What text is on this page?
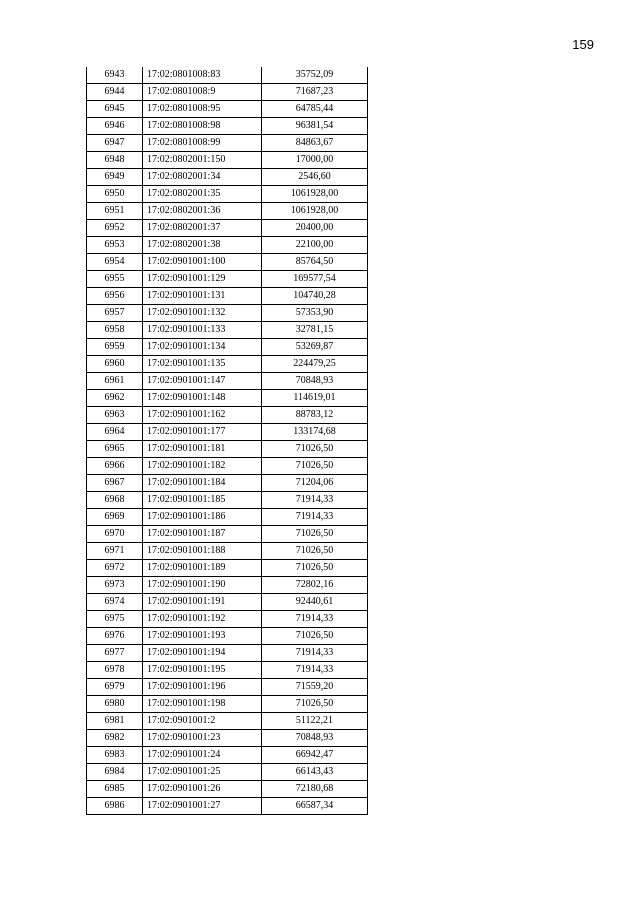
159
6943	17:02:0801008:83	35752,09
6944	17:02:0801008:9	71687,23
6945	17:02:0801008:95	64785,44
6946	17:02:0801008:98	96381,54
6947	17:02:0801008:99	84863,67
6948	17:02:0802001:150	17000,00
6949	17:02:0802001:34	2546,60
6950	17:02:0802001:35	1061928,00
6951	17:02:0802001:36	1061928,00
6952	17:02:0802001:37	20400,00
6953	17:02:0802001:38	22100,00
6954	17:02:0901001:100	85764,50
6955	17:02:0901001:129	169577,54
6956	17:02:0901001:131	104740,28
6957	17:02:0901001:132	57353,90
6958	17:02:0901001:133	32781,15
6959	17:02:0901001:134	53269,87
6960	17:02:0901001:135	224479,25
6961	17:02:0901001:147	70848,93
6962	17:02:0901001:148	114619,01
6963	17:02:0901001:162	88783,12
6964	17:02:0901001:177	133174,68
6965	17:02:0901001:181	71026,50
6966	17:02:0901001:182	71026,50
6967	17:02:0901001:184	71204,06
6968	17:02:0901001:185	71914,33
6969	17:02:0901001:186	71914,33
6970	17:02:0901001:187	71026,50
6971	17:02:0901001:188	71026,50
6972	17:02:0901001:189	71026,50
6973	17:02:0901001:190	72802,16
6974	17:02:0901001:191	92440,61
6975	17:02:0901001:192	71914,33
6976	17:02:0901001:193	71026,50
6977	17:02:0901001:194	71914,33
6978	17:02:0901001:195	71914,33
6979	17:02:0901001:196	71559,20
6980	17:02:0901001:198	71026,50
6981	17:02:0901001:2	51122,21
6982	17:02:0901001:23	70848,93
6983	17:02:0901001:24	66942,47
6984	17:02:0901001:25	66143,43
6985	17:02:0901001:26	72180,68
6986	17:02:0901001:27	66587,34
